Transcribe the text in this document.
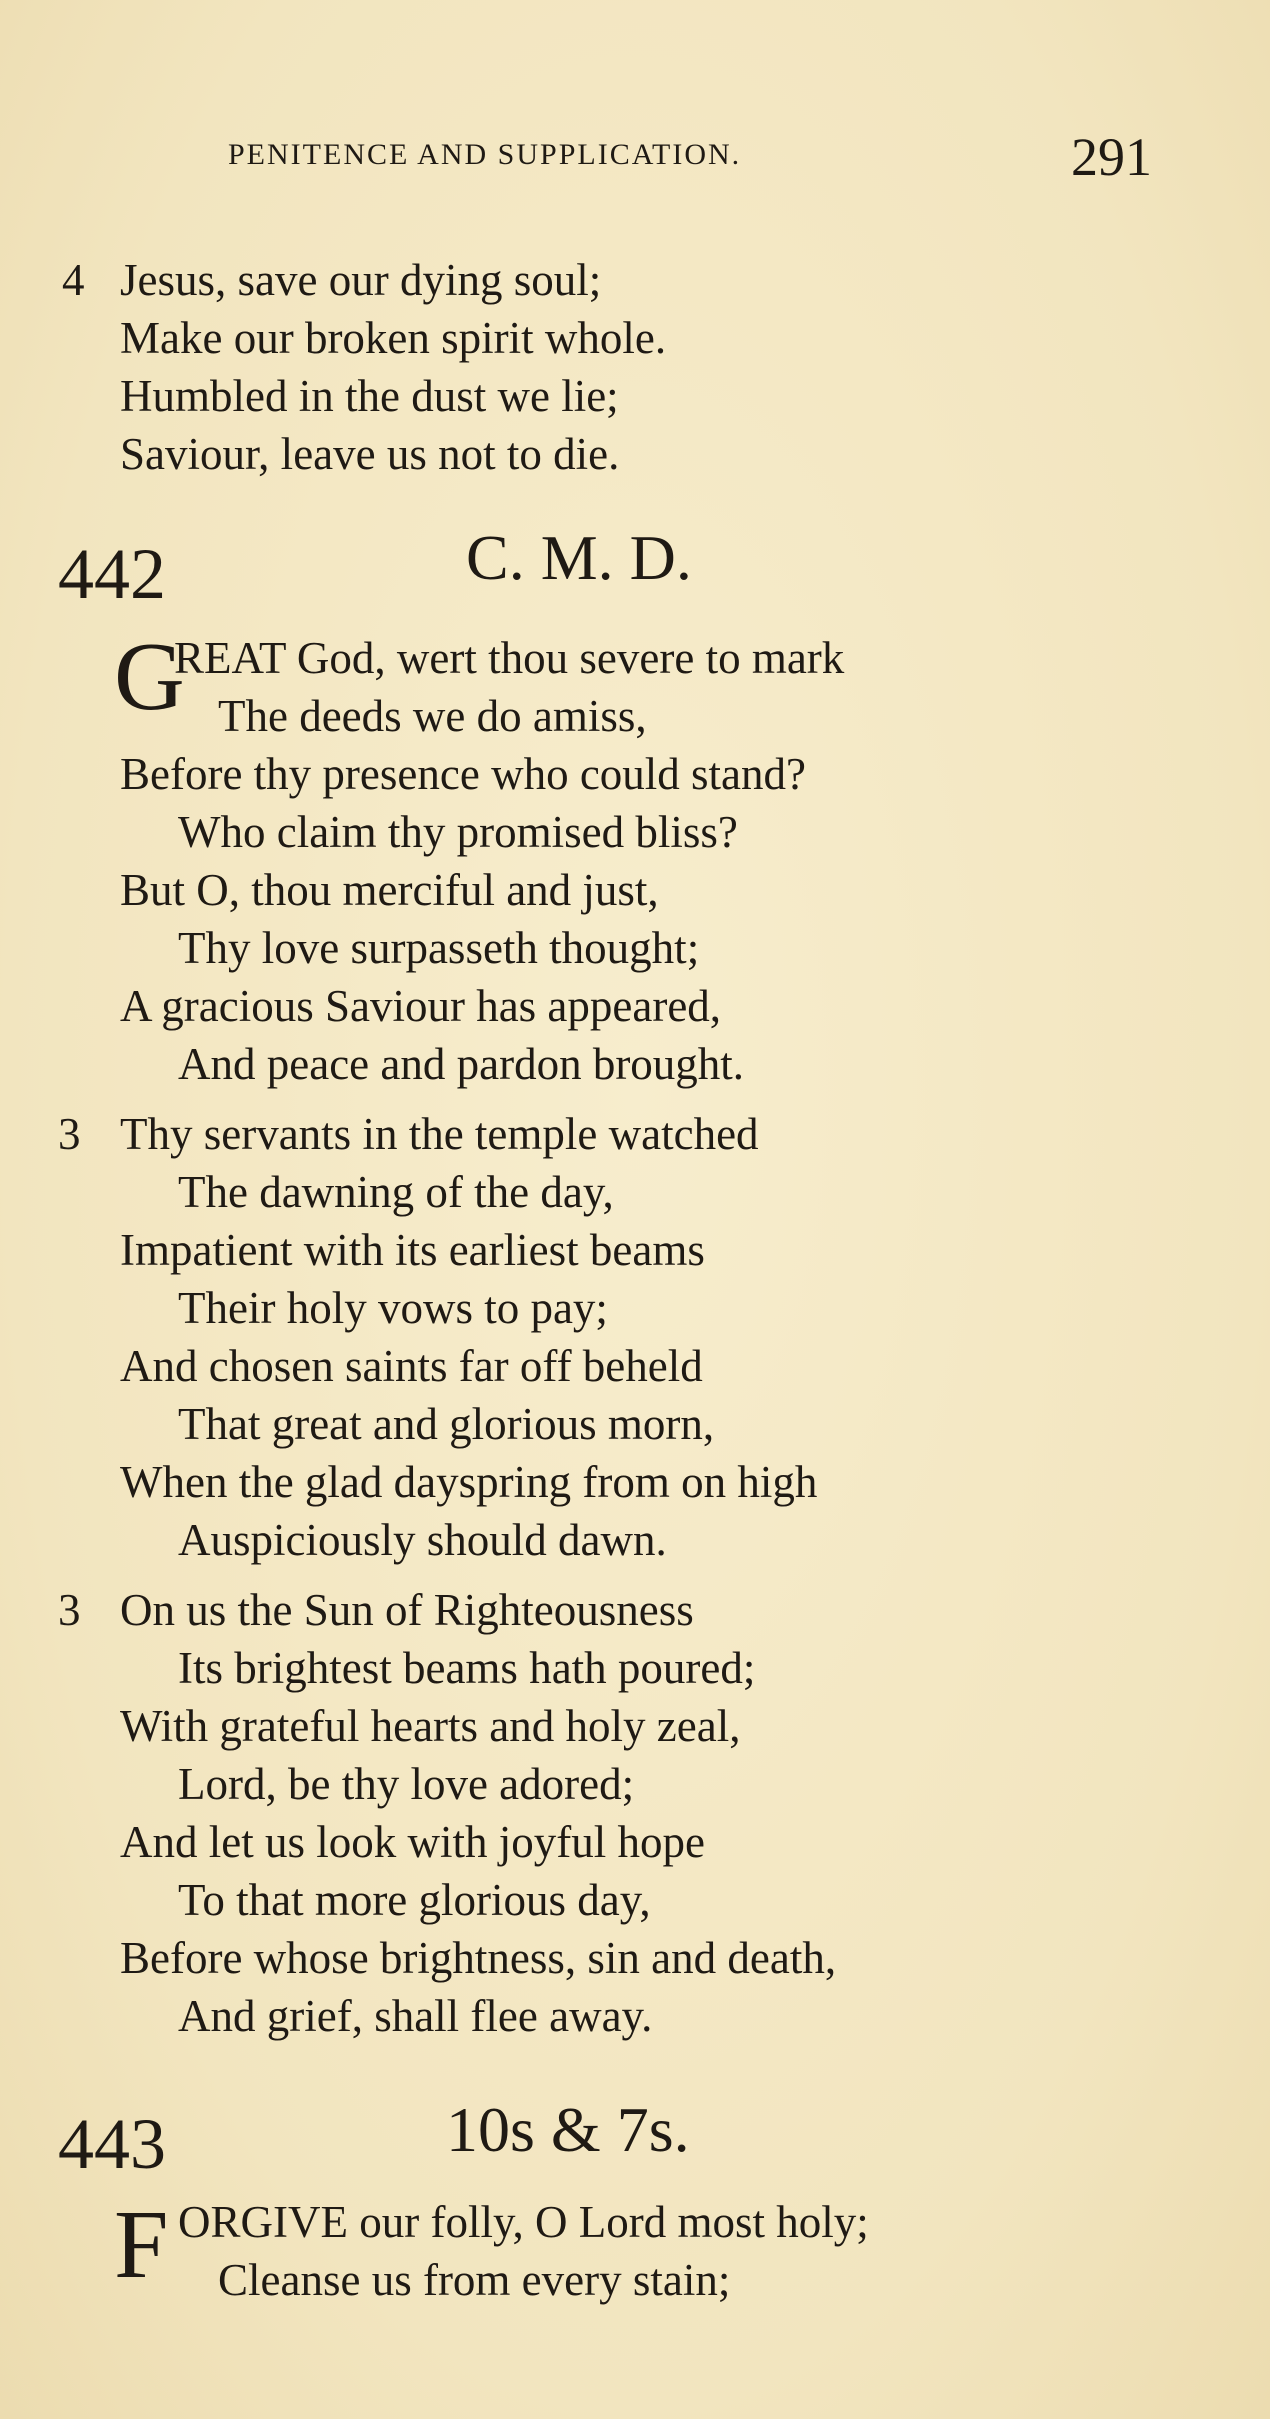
PENITENCE AND SUPPLICATION.	291
4 Jesus, save our dying soul;
Make our broken spirit whole.
Humbled in the dust we lie;
Saviour, leave us not to die.
442	C. M. D.
G
REAT God, wert thou severe to mark
The deeds we do amiss,
Before thy presence who could stand?
Who claim thy promised bliss?
But O, thou merciful and just,
Thy love surpasseth thought;
A gracious Saviour has appeared,
And peace and pardon brought.
3 Thy servants in the temple watched
The dawning of the day,
Impatient with its earliest beams
Their holy vows to pay;
And chosen saints far off beheld
That great and glorious morn,
When the glad dayspring from on high
Auspiciously should dawn.
3 On us the Sun of Righteousness
Its brightest beams hath poured;
With grateful hearts and holy zeal,
Lord, be thy love adored;
And let us look with joyful hope
To that more glorious day,
Before whose brightness, sin and death,
And grief, shall flee away.
443	10s & 7s.
F ORGIVE our folly, O Lord most holy;
Cleanse us from every stain;
